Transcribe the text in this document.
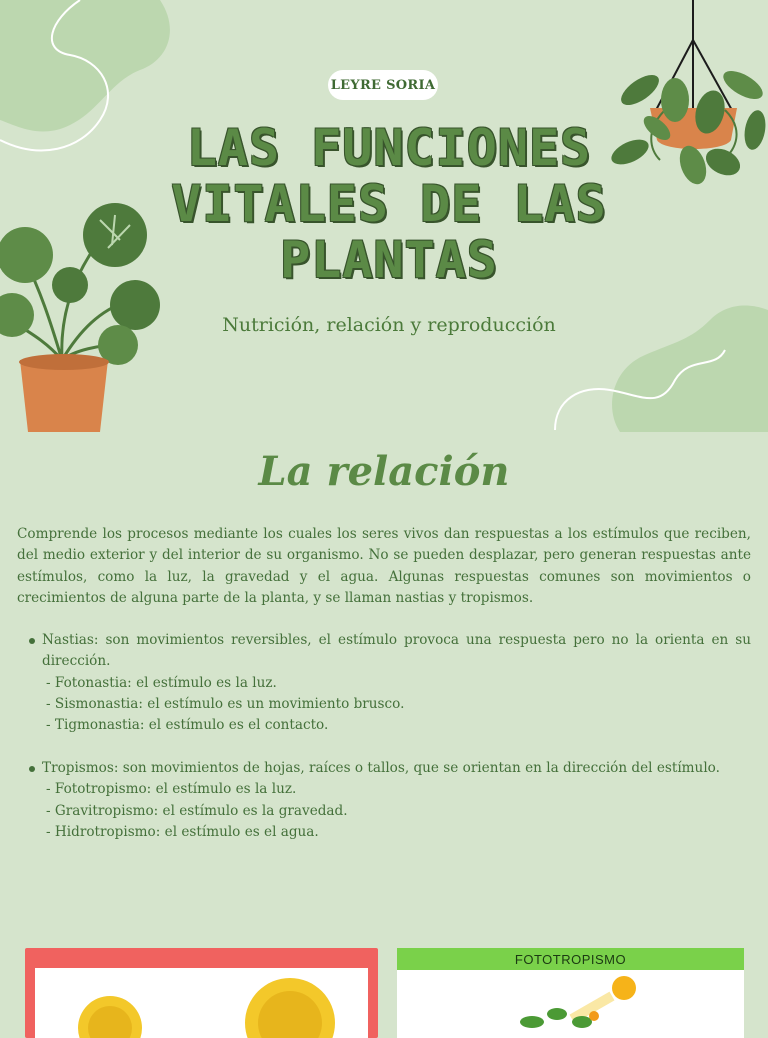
LEYRE SORIA
LAS FUNCIONES
VITALES DE LAS
PLANTAS
Nutrición, relación y reproducción
La relación

Comprende los procesos mediante los cuales los seres vivos dan respuestas a los estímulos que reciben, del medio exterior y del interior de su organismo. No se pueden desplazar, pero generan respuestas ante estímulos, como la luz, la gravedad y el agua. Algunas respuestas comunes son movimientos o crecimientos de alguna parte de la planta, y se llaman nastias y tropismos.

Nastias: son movimientos reversibles, el estímulo provoca una respuesta pero no la orienta en su dirección.
- Fotonastia: el estímulo es la luz.
- Sismonastia: el estímulo es un movimiento brusco.
- Tigmonastia: el estímulo es el contacto.
Tropismos: son movimientos de hojas, raíces o tallos, que se orientan en la dirección del estímulo.
- Fototropismo: el estímulo es la luz.
- Gravitropismo: el estímulo es la gravedad.
- Hidrotropismo: el estímulo es el agua.
FOTOTROPISMO
